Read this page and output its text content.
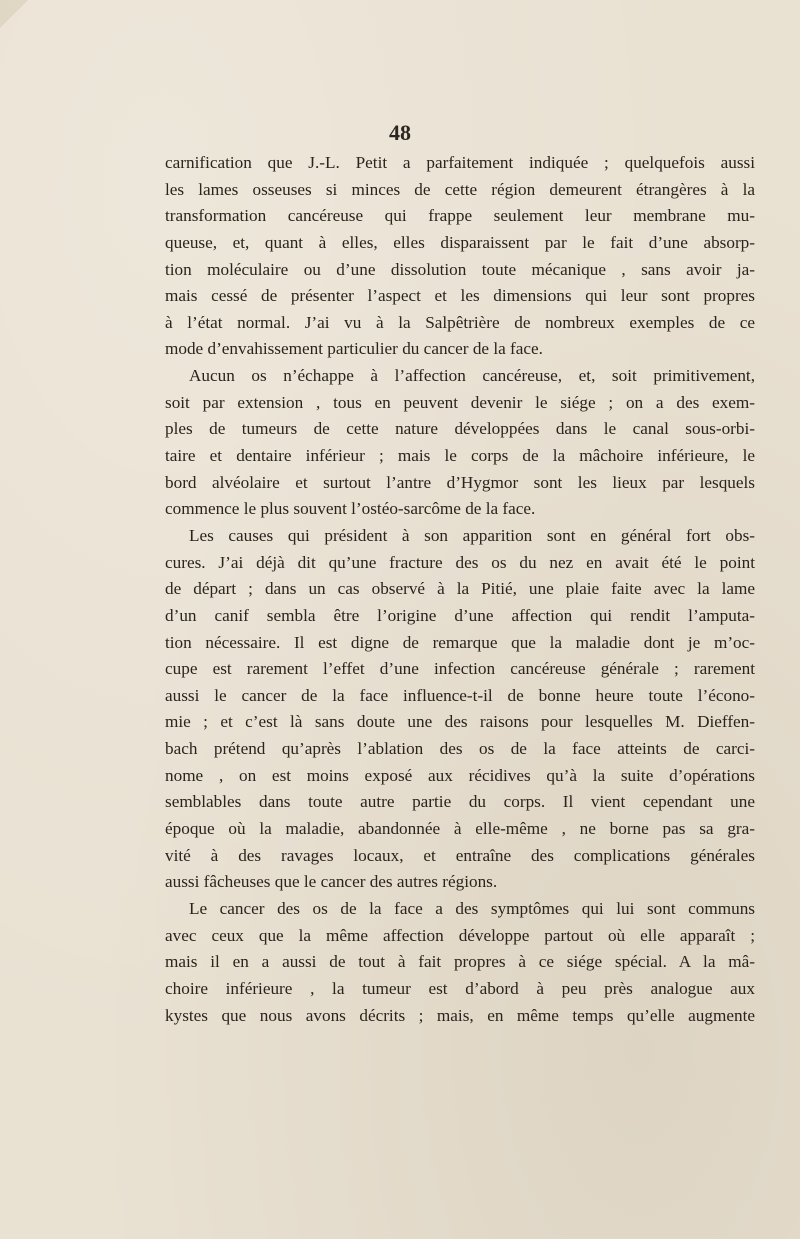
48
carnification que J.-L. Petit a parfaitement indiquée ; quelquefois aussi
les lames osseuses si minces de cette région demeurent étrangères à la
transformation cancéreuse qui frappe seulement leur membrane mu-
queuse, et, quant à elles, elles disparaissent par le fait d’une absorp-
tion moléculaire ou d’une dissolution toute mécanique , sans avoir ja-
mais cessé de présenter l’aspect et les dimensions qui leur sont propres
à l’état normal. J’ai vu à la Salpêtrière de nombreux exemples de ce
mode d’envahissement particulier du cancer de la face.
Aucun os n’échappe à l’affection cancéreuse, et, soit primitivement,
soit par extension , tous en peuvent devenir le siége ; on a des exem-
ples de tumeurs de cette nature développées dans le canal sous-orbi-
taire et dentaire inférieur ; mais le corps de la mâchoire inférieure, le
bord alvéolaire et surtout l’antre d’Hygmor sont les lieux par lesquels
commence le plus souvent l’ostéo-sarcôme de la face.
Les causes qui président à son apparition sont en général fort obs-
cures. J’ai déjà dit qu’une fracture des os du nez en avait été le point
de départ ; dans un cas observé à la Pitié, une plaie faite avec la lame
d’un canif sembla être l’origine d’une affection qui rendit l’amputa-
tion nécessaire. Il est digne de remarque que la maladie dont je m’oc-
cupe est rarement l’effet d’une infection cancéreuse générale ; rarement
aussi le cancer de la face influence-t-il de bonne heure toute l’écono-
mie ; et c’est là sans doute une des raisons pour lesquelles M. Dieffen-
bach prétend qu’après l’ablation des os de la face atteints de carci-
nome , on est moins exposé aux récidives qu’à la suite d’opérations
semblables dans toute autre partie du corps. Il vient cependant une
époque où la maladie, abandonnée à elle-même , ne borne pas sa gra-
vité à des ravages locaux, et entraîne des complications générales
aussi fâcheuses que le cancer des autres régions.
Le cancer des os de la face a des symptômes qui lui sont communs
avec ceux que la même affection développe partout où elle apparaît ;
mais il en a aussi de tout à fait propres à ce siége spécial. A la mâ-
choire inférieure , la tumeur est d’abord à peu près analogue aux
kystes que nous avons décrits ; mais, en même temps qu’elle augmente
